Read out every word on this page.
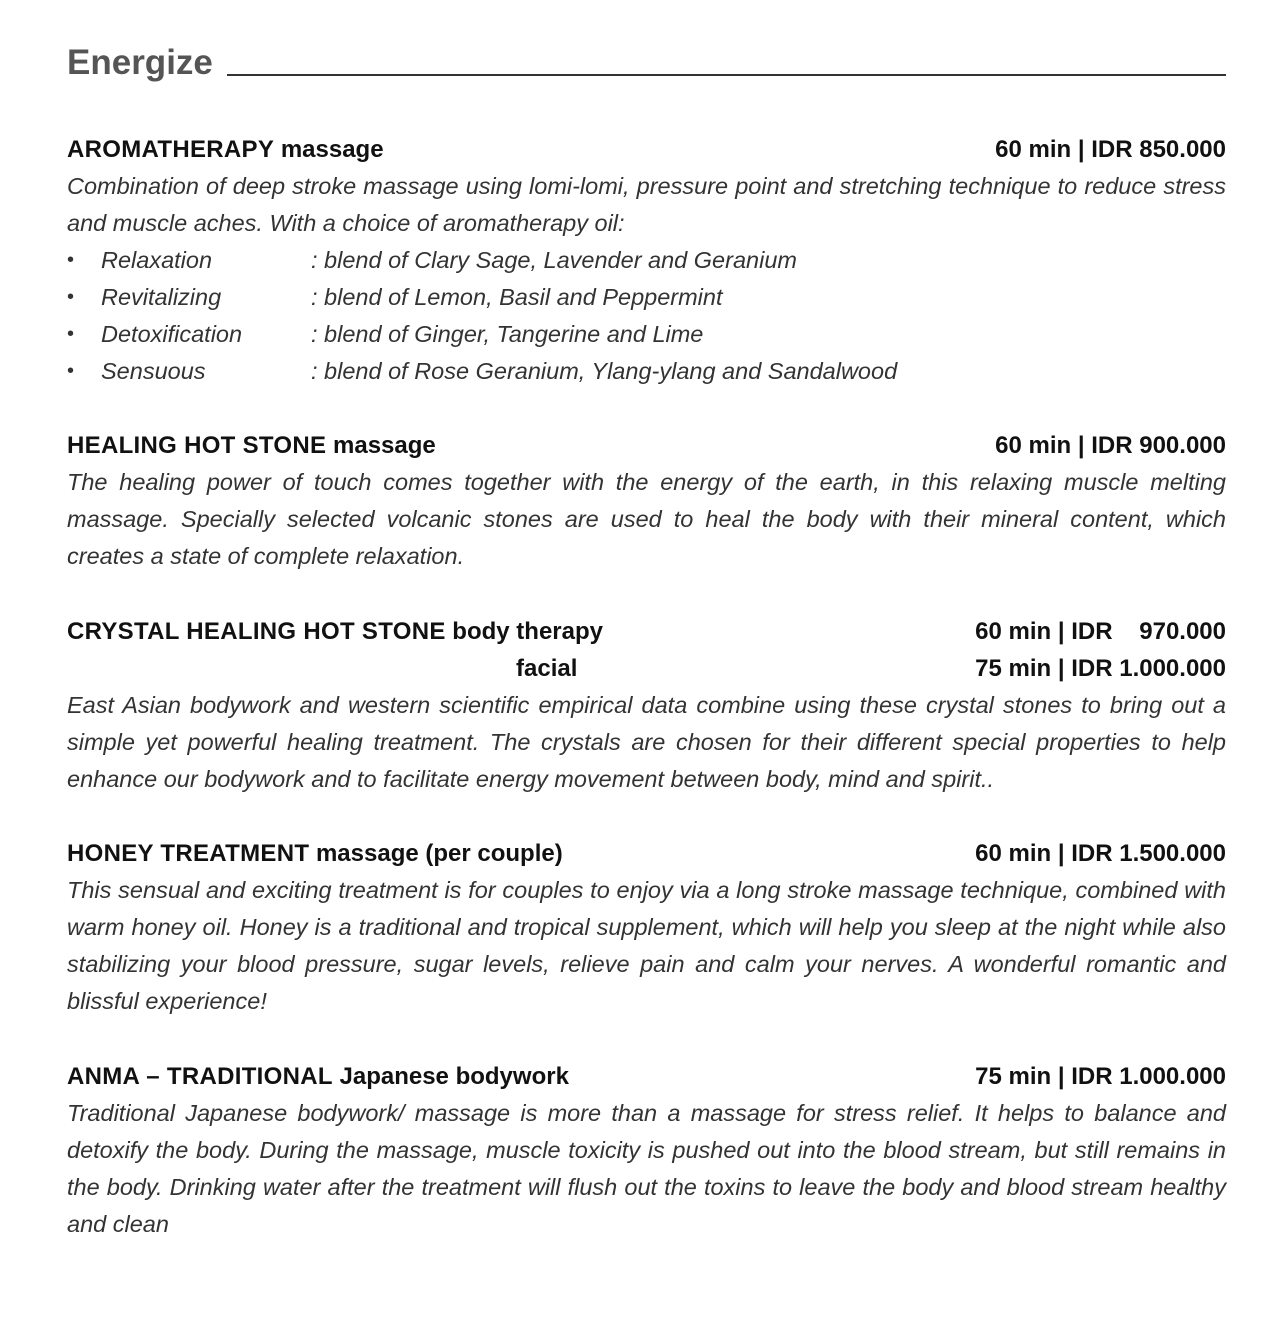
Energize
AROMATHERAPY massage	60 min | IDR 850.000

Combination of deep stroke massage using lomi-lomi, pressure point and stretching technique to reduce stress and muscle aches. With a choice of aromatherapy oil:

•	Relaxation	: blend of Clary Sage, Lavender and Geranium
•	Revitalizing	: blend of Lemon, Basil and Peppermint
•	Detoxification	: blend of Ginger, Tangerine and Lime
•	Sensuous	: blend of Rose Geranium, Ylang-ylang and Sandalwood
HEALING HOT STONE massage	60 min | IDR 900.000

The healing power of touch comes together with the energy of the earth, in this relaxing muscle melting massage. Specially selected volcanic stones are used to heal the body with their mineral content, which creates a state of complete relaxation.

CRYSTAL HEALING HOT STONE body therapy	60 min | IDR    970.000
facial	75 min | IDR 1.000.000

East Asian bodywork and western scientific empirical data combine using these crystal stones to bring out a simple yet powerful healing treatment. The crystals are chosen for their different special properties to help enhance our bodywork and to facilitate energy movement between body, mind and spirit..

HONEY TREATMENT massage (per couple)	60 min | IDR 1.500.000

This sensual and exciting treatment is for couples to enjoy via a long stroke massage technique, combined with warm honey oil. Honey is a traditional and tropical supplement, which will help you sleep at the night while also stabilizing your blood pressure, sugar levels, relieve pain and calm your nerves. A wonderful romantic and blissful experience!

ANMA – TRADITIONAL Japanese bodywork	75 min | IDR 1.000.000

Traditional Japanese bodywork/ massage is more than a massage for stress relief. It helps to balance and detoxify the body. During the massage, muscle toxicity is pushed out into the blood stream, but still remains in the body. Drinking water after the treatment will flush out the toxins to leave the body and blood stream healthy and clean
